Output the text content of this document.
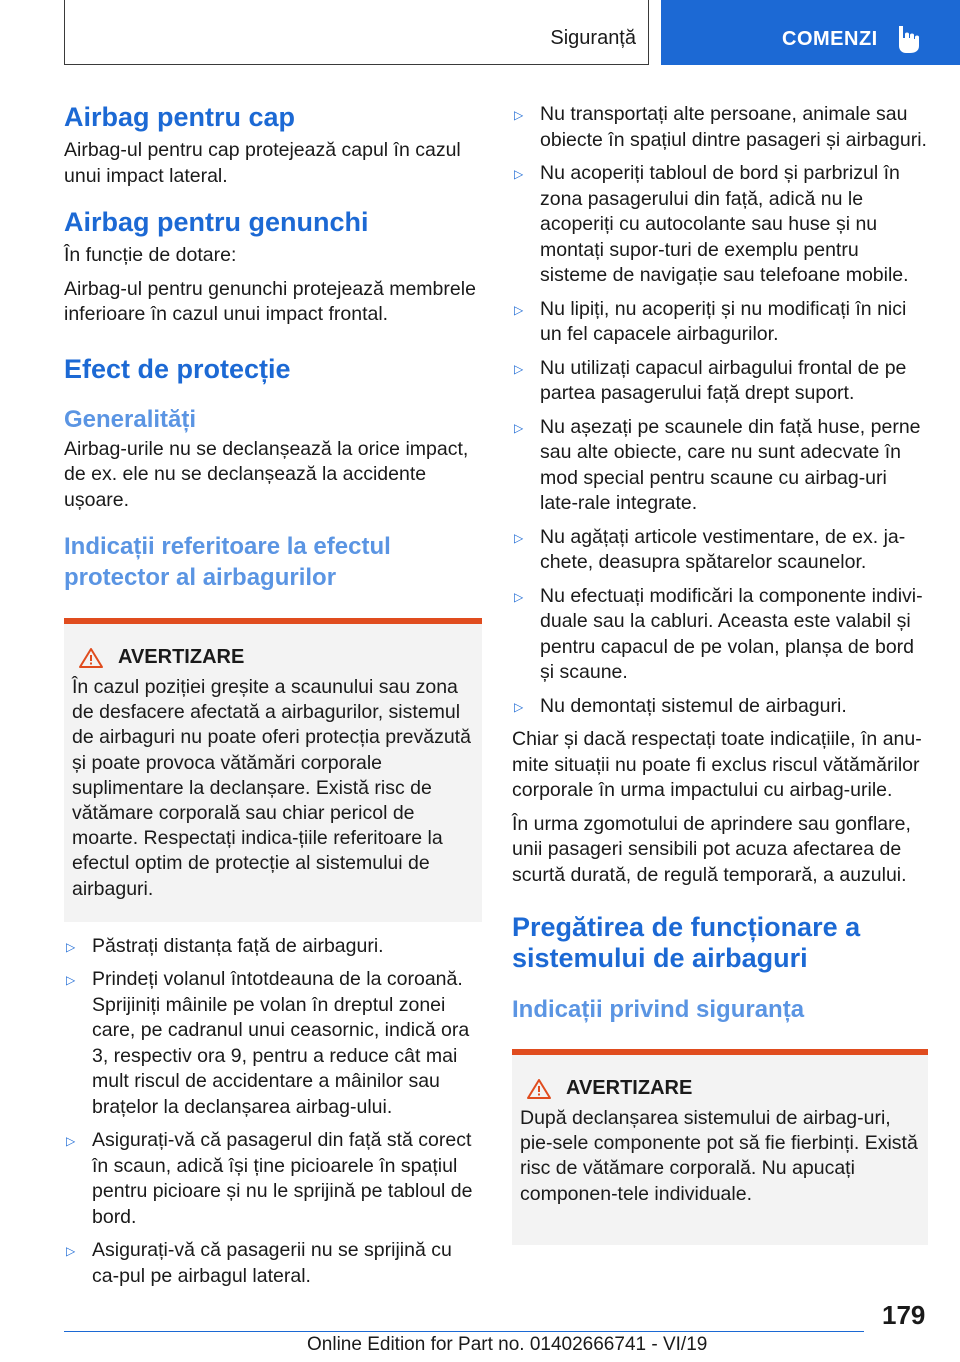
Siguranță	COMENZI
Airbag pentru cap
Airbag-ul pentru cap protejează capul în cazul unui impact lateral.
Airbag pentru genunchi
În funcție de dotare:
Airbag-ul pentru genunchi protejează membrele inferioare în cazul unui impact frontal.
Efect de protecție
Generalități
Airbag-urile nu se declanșează la orice impact, de ex. ele nu se declanșează la accidente ușoare.
Indicații referitoare la efectul protector al airbagurilor
AVERTIZARE
În cazul poziției greșite a scaunului sau zona de desfacere afectată a airbagurilor, sistemul de airbaguri nu poate oferi protecția prevăzută și poate provoca vătămări corporale suplimentare la declanșare. Există risc de vătămare corporală sau chiar pericol de moarte. Respectați indica-țiile referitoare la efectul optim de protecție al sistemului de airbaguri.
▷ Păstrați distanța față de airbaguri.
▷ Prindeți volanul întotdeauna de la coroană. Sprijiniți mâinile pe volan în dreptul zonei care, pe cadranul unui ceasornic, indică ora 3, respectiv ora 9, pentru a reduce cât mai mult riscul de accidentare a mâinilor sau brațelor la declanșarea airbag-ului.
▷ Asigurați-vă că pasagerul din față stă corect în scaun, adică își ține picioarele în spațiul pentru picioare și nu le sprijină pe tabloul de bord.
▷ Asigurați-vă că pasagerii nu se sprijină cu ca-pul pe airbagul lateral.
▷ Nu transportați alte persoane, animale sau obiecte în spațiul dintre pasageri și airbaguri.
▷ Nu acoperiți tabloul de bord și parbrizul în zona pasagerului din față, adică nu le acoperiți cu autocolante sau huse și nu montați supor-turi de exemplu pentru sisteme de navigație sau telefoane mobile.
▷ Nu lipiți, nu acoperiți și nu modificați în nici un fel capacele airbagurilor.
▷ Nu utilizați capacul airbagului frontal de pe partea pasagerului față drept suport.
▷ Nu așezați pe scaunele din față huse, perne sau alte obiecte, care nu sunt adecvate în mod special pentru scaune cu airbag-uri late-rale integrate.
▷ Nu agățați articole vestimentare, de ex. ja-chete, deasupra spătarelor scaunelor.
▷ Nu efectuați modificări la componente indivi-duale sau la cabluri. Aceasta este valabil și pentru capacul de pe volan, planșa de bord și scaune.
▷ Nu demontați sistemul de airbaguri.
Chiar și dacă respectați toate indicațiile, în anu-mite situații nu poate fi exclus riscul vătămărilor corporale în urma impactului cu airbag-urile.
În urma zgomotului de aprindere sau gonflare, unii pasageri sensibili pot acuza afectarea de scurtă durată, de regulă temporară, a auzului.
Pregătirea de funcționare a sistemului de airbaguri
Indicații privind siguranța
AVERTIZARE
După declanșarea sistemului de airbag-uri, pie-sele componente pot să fie fierbinți. Există risc de vătămare corporală. Nu apucați componen-tele individuale.
179
Online Edition for Part no. 01402666741 - VI/19
